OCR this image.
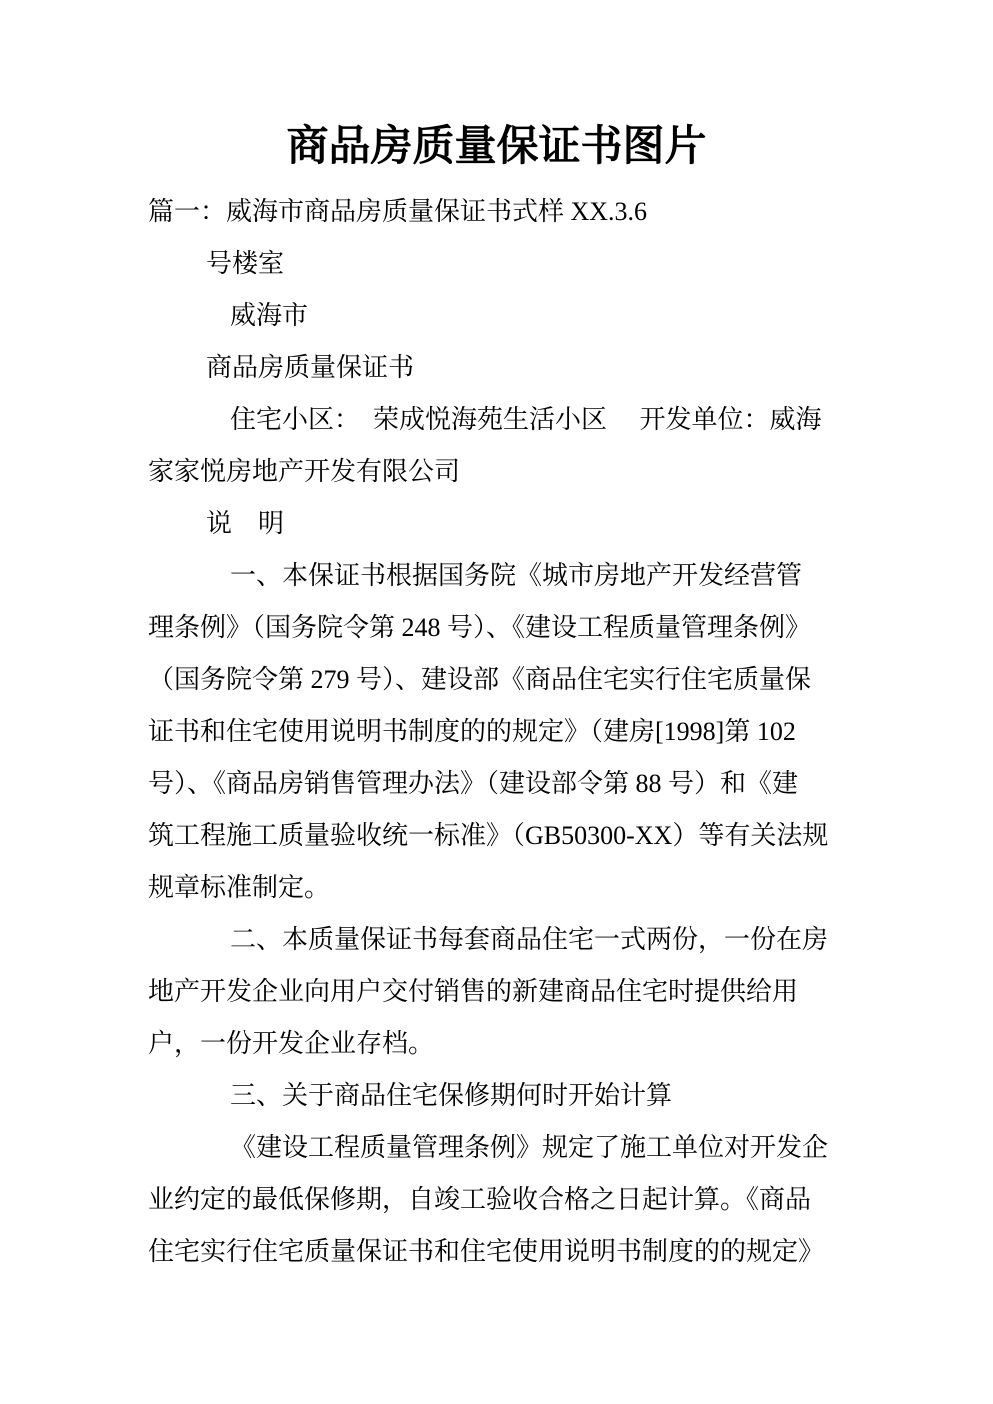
商品房质量保证书图片
篇一：威海市商品房质量保证书式样 XX.3.6
号楼室
威海市
商品房质量保证书
住宅小区：　荣成悦海苑生活小区　 开发单位：威海
家家悦房地产开发有限公司
说　明
一、本保证书根据国务院《城市房地产开发经营管
理条例》（国务院令第 248 号）、《建设工程质量管理条例》
（国务院令第 279 号）、建设部《商品住宅实行住宅质量保
证书和住宅使用说明书制度的的规定》（建房[1998]第 102
号）、《商品房销售管理办法》（建设部令第 88 号）和《建
筑工程施工质量验收统一标准》（GB50300-XX）等有关法规
规章标准制定。
二、本质量保证书每套商品住宅一式两份，一份在房
地产开发企业向用户交付销售的新建商品住宅时提供给用
户，一份开发企业存档。
三、关于商品住宅保修期何时开始计算
《建设工程质量管理条例》规定了施工单位对开发企
业约定的最低保修期，自竣工验收合格之日起计算。《商品
住宅实行住宅质量保证书和住宅使用说明书制度的的规定》
